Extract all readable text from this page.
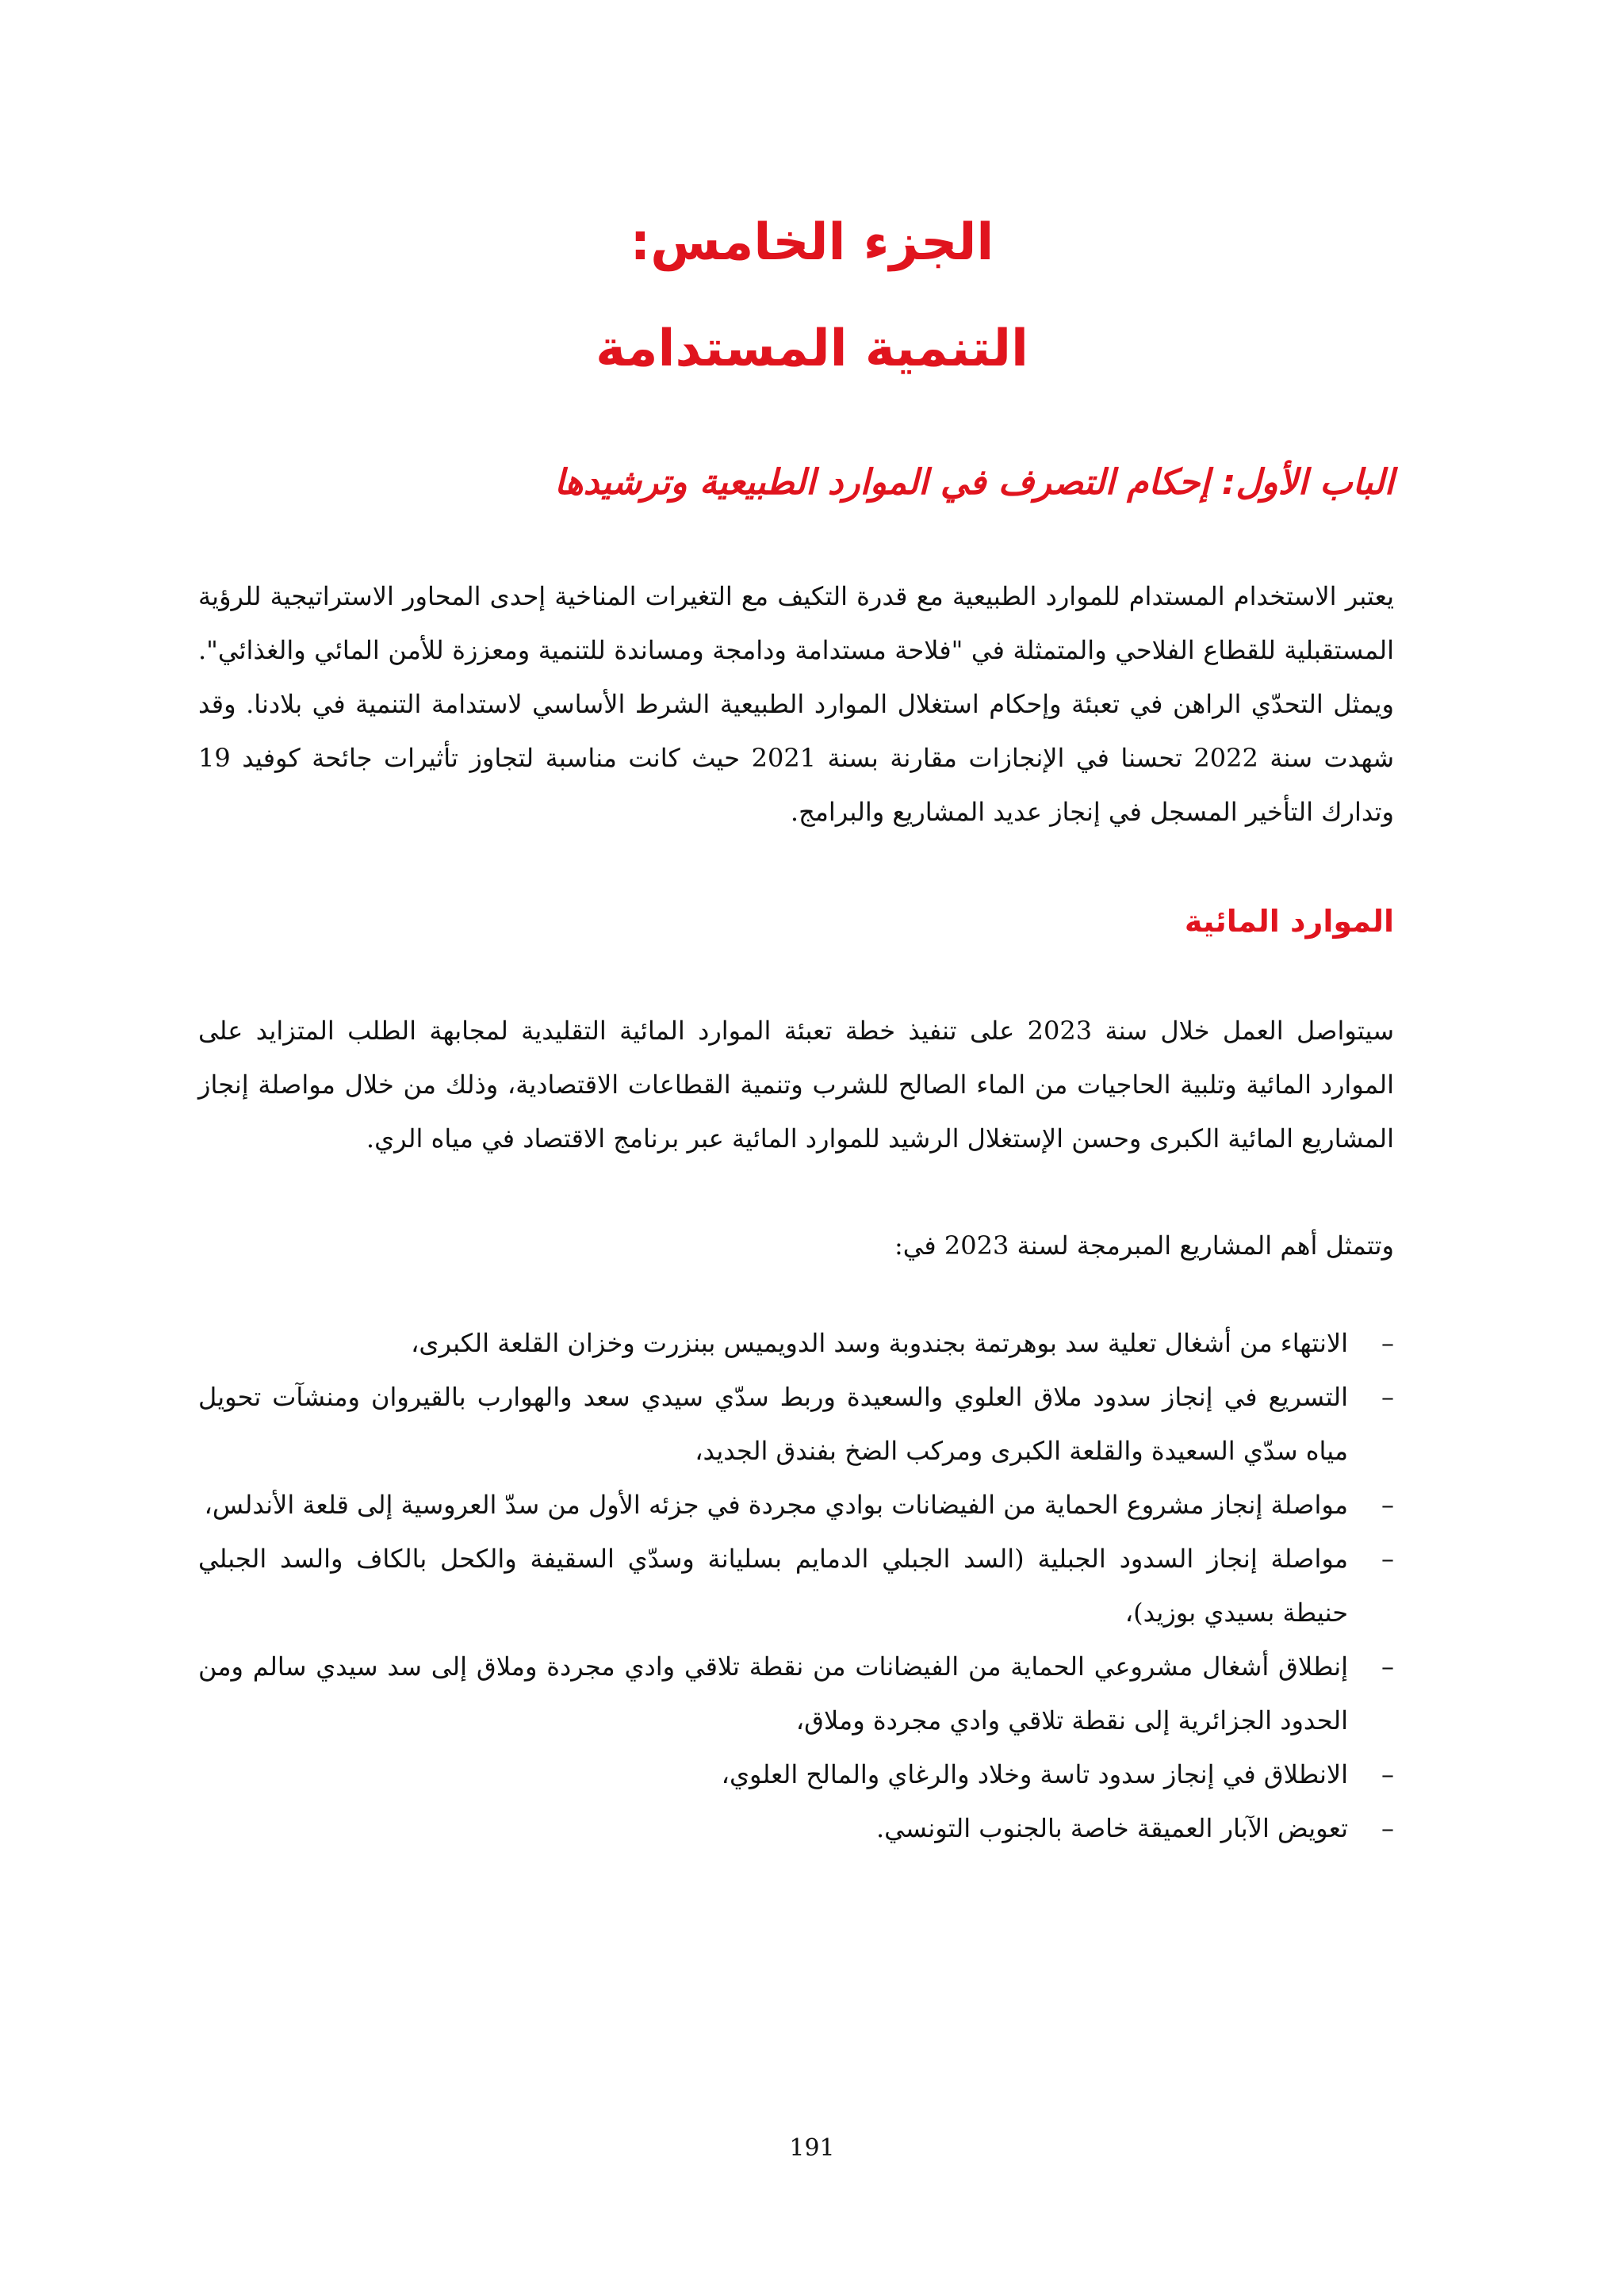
الجزء الخامس:
التنمية المستدامة
الباب الأول: إحكام التصرف في الموارد الطبيعية وترشيدها

يعتبر الاستخدام المستدام للموارد الطبيعية مع قدرة التكيف مع التغيرات المناخية إحدى المحاور الاستراتيجية للرؤية المستقبلية للقطاع الفلاحي والمتمثلة في "فلاحة مستدامة ودامجة ومساندة للتنمية ومعززة للأمن المائي والغذائي". ويمثل التحدّي الراهن في تعبئة وإحكام استغلال الموارد الطبيعية الشرط الأساسي لاستدامة التنمية في بلادنا. وقد شهدت سنة 2022 تحسنا في الإنجازات مقارنة بسنة 2021 حيث كانت مناسبة لتجاوز تأثيرات جائحة كوفيد 19 وتدارك التأخير المسجل في إنجاز عديد المشاريع والبرامج.

الموارد المائية

سيتواصل العمل خلال سنة 2023 على تنفيذ خطة تعبئة الموارد المائية التقليدية لمجابهة الطلب المتزايد على الموارد المائية وتلبية الحاجيات من الماء الصالح للشرب وتنمية القطاعات الاقتصادية، وذلك من خلال مواصلة إنجاز المشاريع المائية الكبرى وحسن الإستغلال الرشيد للموارد المائية عبر برنامج الاقتصاد في مياه الري.

وتتمثل أهم المشاريع المبرمجة لسنة 2023 في:

–
الانتهاء من أشغال تعلية سد بوهرتمة بجندوبة وسد الدويميس ببنزرت وخزان القلعة الكبرى،
–
التسريع في إنجاز سدود ملاق العلوي والسعيدة وربط سدّي سيدي سعد والهوارب بالقيروان ومنشآت تحويل مياه سدّي السعيدة والقلعة الكبرى ومركب الضخ بفندق الجديد،
–
مواصلة إنجاز مشروع الحماية من الفيضانات بوادي مجردة في جزئه الأول من سدّ العروسية إلى قلعة الأندلس،
–
مواصلة إنجاز السدود الجبلية (السد الجبلي الدمايم بسليانة وسدّي السقيفة والكحل بالكاف والسد الجبلي حنيطة بسيدي بوزيد)،
–
إنطلاق أشغال مشروعي الحماية من الفيضانات من نقطة تلاقي وادي مجردة وملاق إلى سد سيدي سالم ومن الحدود الجزائرية إلى نقطة تلاقي وادي مجردة وملاق،
–
الانطلاق في إنجاز سدود تاسة وخلاد والرغاي والمالح العلوي،
–
تعويض الآبار العميقة خاصة بالجنوب التونسي.
191
